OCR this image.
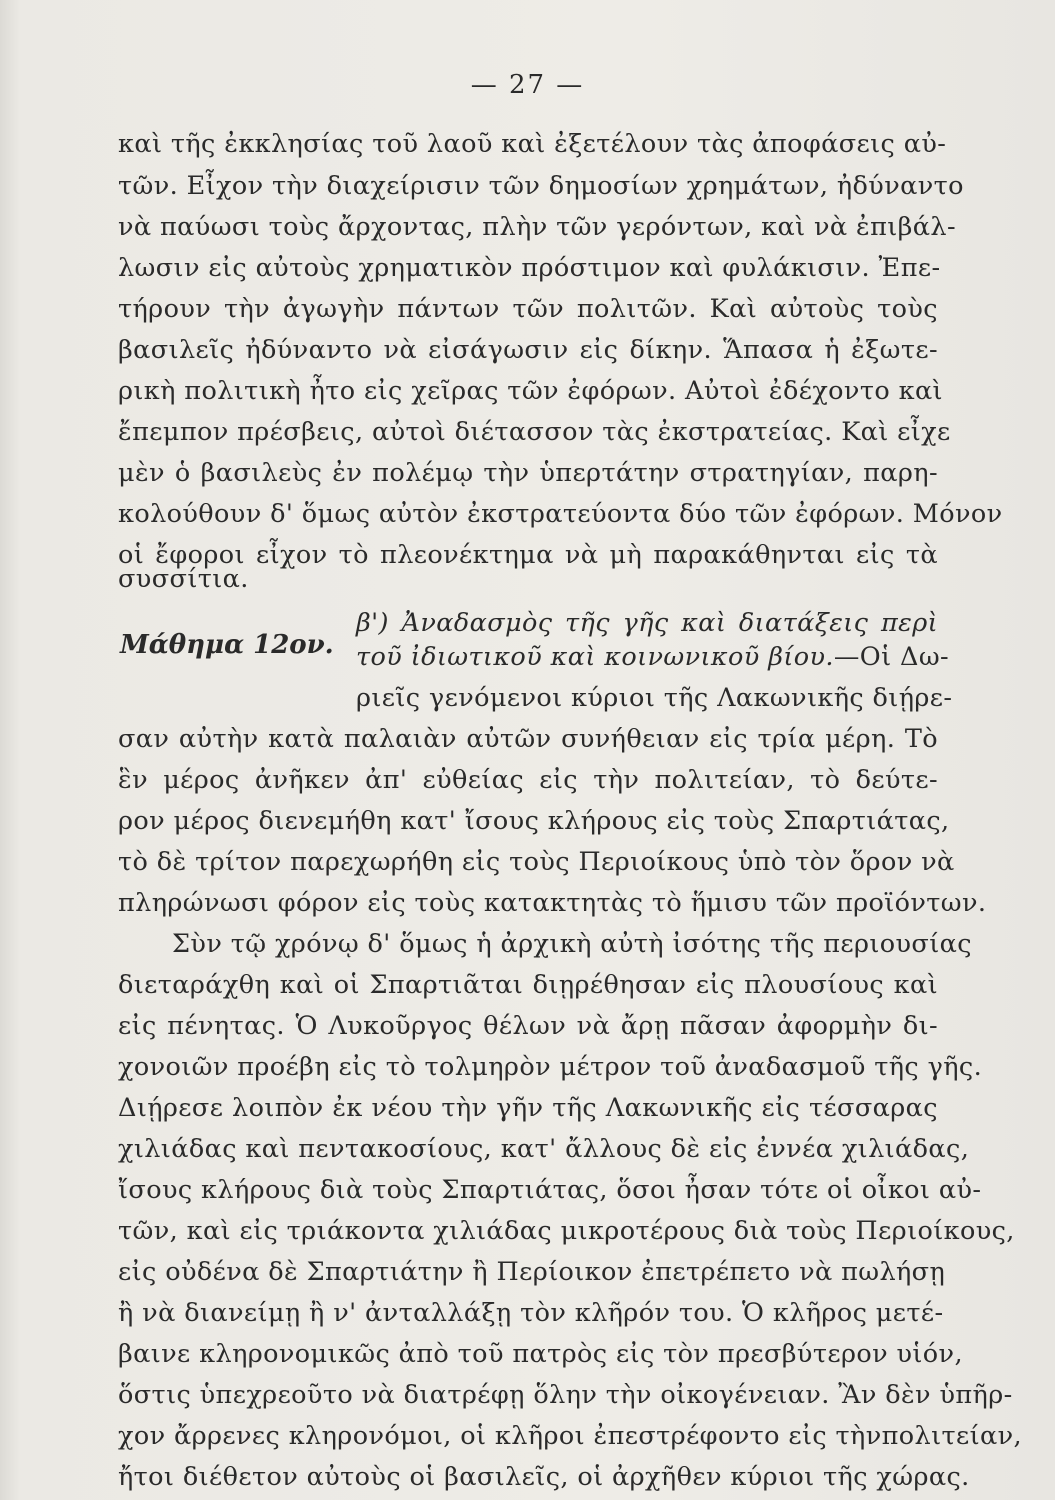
— 27 —
καὶ τῆς ἐκκλησίας τοῦ λαοῦ καὶ ἐξετέλουν τὰς ἀποφάσεις αὐ-
τῶν. Εἶχον τὴν διαχείρισιν τῶν δημοσίων χρημάτων, ἠδύναντο
νὰ παύωσι τοὺς ἄρχοντας, πλὴν τῶν γερόντων, καὶ νὰ ἐπιβάλ-
λωσιν εἰς αὐτοὺς χρηματικὸν πρόστιμον καὶ φυλάκισιν. Ἐπε-
τήρουν τὴν ἀγωγὴν πάντων τῶν πολιτῶν. Καὶ αὐτοὺς τοὺς
βασιλεῖς ἠδύναντο νὰ εἰσάγωσιν εἰς δίκην. Ἅπασα ἡ ἐξωτε-
ρικὴ πολιτικὴ ἦτο εἰς χεῖρας τῶν ἐφόρων. Αὐτοὶ ἐδέχοντο καὶ
ἔπεμπον πρέσβεις, αὐτοὶ διέτασσον τὰς ἐκστρατείας. Καὶ εἶχε
μὲν ὁ βασιλεὺς ἐν πολέμῳ τὴν ὑπερτάτην στρατηγίαν, παρη-
κολούθουν δ' ὅμως αὐτὸν ἐκστρατεύοντα δύο τῶν ἐφόρων. Μόνον
οἱ ἔφοροι εἶχον τὸ πλεονέκτημα νὰ μὴ παρακάθηνται εἰς τὰ
συσσίτια.
β') Ἀναδασμὸς τῆς γῆς καὶ διατάξεις περὶ
Μάθημα 12ον. τοῦ ἰδιωτικοῦ καὶ κοινωνικοῦ βίου.—Οἱ Δω-
ριεῖς γενόμενοι κύριοι τῆς Λακωνικῆς διῄρε-
σαν αὐτὴν κατὰ παλαιὰν αὐτῶν συνήθειαν εἰς τρία μέρη. Τὸ
ἓν μέρος ἀνῆκεν ἀπ' εὐθείας εἰς τὴν πολιτείαν, τὸ δεύτε-
ρον μέρος διενεμήθη κατ' ἴσους κλήρους εἰς τοὺς Σπαρτιάτας,
τὸ δὲ τρίτον παρεχωρήθη εἰς τοὺς Περιοίκους ὑπὸ τὸν ὅρον νὰ
πληρώνωσι φόρον εἰς τοὺς κατακτητὰς τὸ ἥμισυ τῶν προϊόντων.
Σὺν τῷ χρόνῳ δ' ὅμως ἡ ἀρχικὴ αὐτὴ ἰσότης τῆς περιουσίας
διεταράχθη καὶ οἱ Σπαρτιᾶται διῃρέθησαν εἰς πλουσίους καὶ
εἰς πένητας. Ὁ Λυκοῦργος θέλων νὰ ἄρῃ πᾶσαν ἀφορμὴν δι-
χονοιῶν προέβη εἰς τὸ τολμηρὸν μέτρον τοῦ ἀναδασμοῦ τῆς γῆς.
Διῄρεσε λοιπὸν ἐκ νέου τὴν γῆν τῆς Λακωνικῆς εἰς τέσσαρας
χιλιάδας καὶ πεντακοσίους, κατ' ἄλλους δὲ εἰς ἐννέα χιλιάδας,
ἴσους κλήρους διὰ τοὺς Σπαρτιάτας, ὅσοι ἦσαν τότε οἱ οἶκοι αὐ-
τῶν, καὶ εἰς τριάκοντα χιλιάδας μικροτέρους διὰ τοὺς Περιοίκους,
εἰς οὐδένα δὲ Σπαρτιάτην ἢ Περίοικον ἐπετρέπετο νὰ πωλήσῃ
ἢ νὰ διανείμῃ ἢ ν' ἀνταλλάξῃ τὸν κλῆρόν του. Ὁ κλῆρος μετέ-
βαινε κληρονομικῶς ἀπὸ τοῦ πατρὸς εἰς τὸν πρεσβύτερον υἱόν,
ὅστις ὑπεχρεοῦτο νὰ διατρέφῃ ὅλην τὴν οἰκογένειαν. Ἂν δὲν ὑπῆρ-
χον ἄρρενες κληρονόμοι, οἱ κλῆροι ἐπεστρέφοντο εἰς τὴνπολιτείαν,
ἤτοι διέθετον αὐτοὺς οἱ βασιλεῖς, οἱ ἀρχῆθεν κύριοι τῆς χώρας.
